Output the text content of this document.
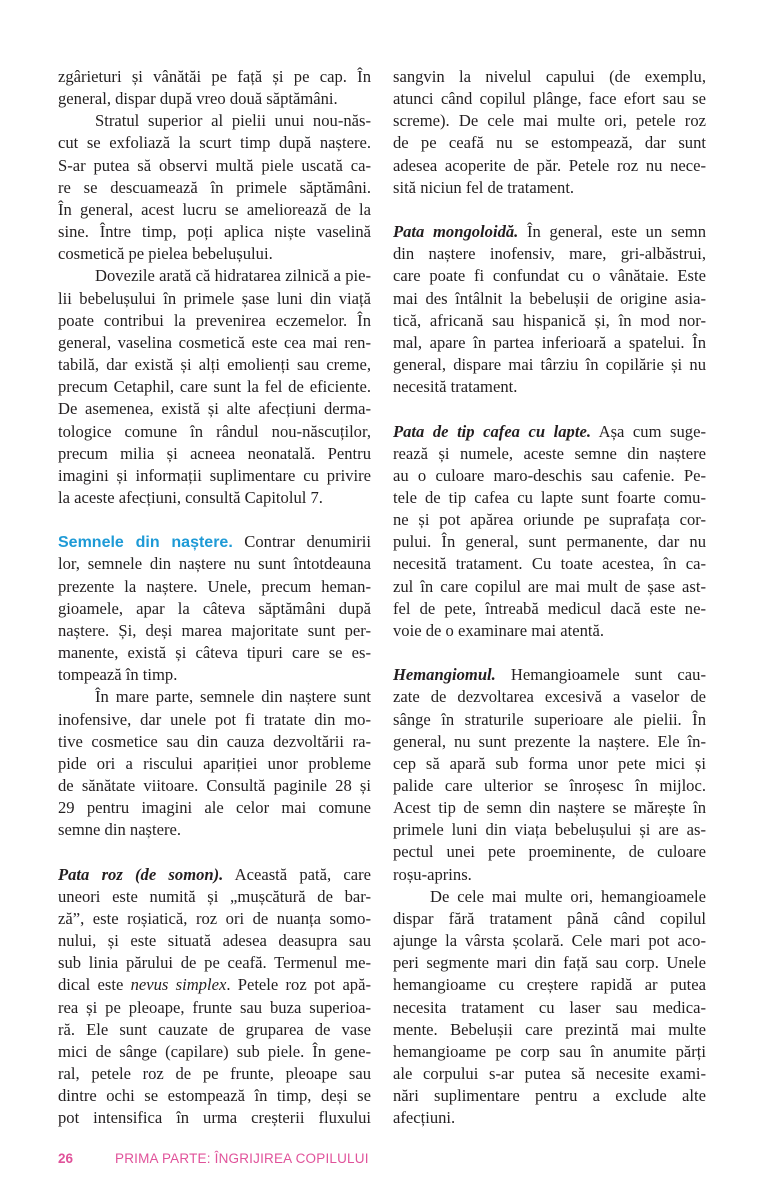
zgârieturi și vânătăi pe față și pe cap. În
general, dispar după vreo două săptămâni.
Stratul superior al pielii unui nou-năs-
cut se exfoliază la scurt timp după naștere.
S-ar putea să observi multă piele uscată ca-
re se descuamează în primele săptămâni.
În general, acest lucru se ameliorează de la
sine. Între timp, poți aplica niște vaselină
cosmetică pe pielea bebelușului.
Dovezile arată că hidratarea zilnică a pie-
lii bebelușului în primele șase luni din viață
poate contribui la prevenirea eczemelor. În
general, vaselina cosmetică este cea mai ren-
tabilă, dar există și alți emolienți sau creme,
precum Cetaphil, care sunt la fel de eficiente.
De asemenea, există și alte afecțiuni derma-
tologice comune în rândul nou-născuților,
precum milia și acneea neonatală. Pentru
imagini și informații suplimentare cu privire
la aceste afecțiuni, consultă Capitolul 7.
Semnele din naștere. Contrar denumirii
lor, semnele din naștere nu sunt întotdeauna
prezente la naștere. Unele, precum heman-
gioamele, apar la câteva săptămâni după
naștere. Și, deși marea majoritate sunt per-
manente, există și câteva tipuri care se es-
tompează în timp.
În mare parte, semnele din naștere sunt
inofensive, dar unele pot fi tratate din mo-
tive cosmetice sau din cauza dezvoltării ra-
pide ori a riscului apariției unor probleme
de sănătate viitoare. Consultă paginile 28 și
29 pentru imagini ale celor mai comune
semne din naștere.
Pata roz (de somon). Această pată, care
uneori este numită și „mușcătură de bar-
ză”, este roșiatică, roz ori de nuanța somo-
nului, și este situată adesea deasupra sau
sub linia părului de pe ceafă. Termenul me-
dical este nevus simplex. Petele roz pot apă-
rea și pe pleoape, frunte sau buza superioa-
ră. Ele sunt cauzate de gruparea de vase
mici de sânge (capilare) sub piele. În gene-
ral, petele roz de pe frunte, pleoape sau
dintre ochi se estompează în timp, deși se
pot intensifica în urma creșterii fluxului
sangvin la nivelul capului (de exemplu,
atunci când copilul plânge, face efort sau se
screme). De cele mai multe ori, petele roz
de pe ceafă nu se estompează, dar sunt
adesea acoperite de păr. Petele roz nu nece-
sită niciun fel de tratament.
Pata mongoloidă. În general, este un semn
din naștere inofensiv, mare, gri-albăstrui,
care poate fi confundat cu o vânătaie. Este
mai des întâlnit la bebelușii de origine asia-
tică, africană sau hispanică și, în mod nor-
mal, apare în partea inferioară a spatelui. În
general, dispare mai târziu în copilărie și nu
necesită tratament.
Pata de tip cafea cu lapte. Așa cum suge-
rează și numele, aceste semne din naștere
au o culoare maro-deschis sau cafenie. Pe-
tele de tip cafea cu lapte sunt foarte comu-
ne și pot apărea oriunde pe suprafața cor-
pului. În general, sunt permanente, dar nu
necesită tratament. Cu toate acestea, în ca-
zul în care copilul are mai mult de șase ast-
fel de pete, întreabă medicul dacă este ne-
voie de o examinare mai atentă.
Hemangiomul. Hemangioamele sunt cau-
zate de dezvoltarea excesivă a vaselor de
sânge în straturile superioare ale pielii. În
general, nu sunt prezente la naștere. Ele în-
cep să apară sub forma unor pete mici și
palide care ulterior se înroșesc în mijloc.
Acest tip de semn din naștere se mărește în
primele luni din viața bebelușului și are as-
pectul unei pete proeminente, de culoare
roșu-aprins.
De cele mai multe ori, hemangioamele
dispar fără tratament până când copilul
ajunge la vârsta școlară. Cele mari pot aco-
peri segmente mari din față sau corp. Unele
hemangioame cu creștere rapidă ar putea
necesita tratament cu laser sau medica-
mente. Bebelușii care prezintă mai multe
hemangioame pe corp sau în anumite părți
ale corpului s-ar putea să necesite exami-
nări suplimentare pentru a exclude alte
afecțiuni.
26	PRIMA PARTE: ÎNGRIJIREA COPILULUI
